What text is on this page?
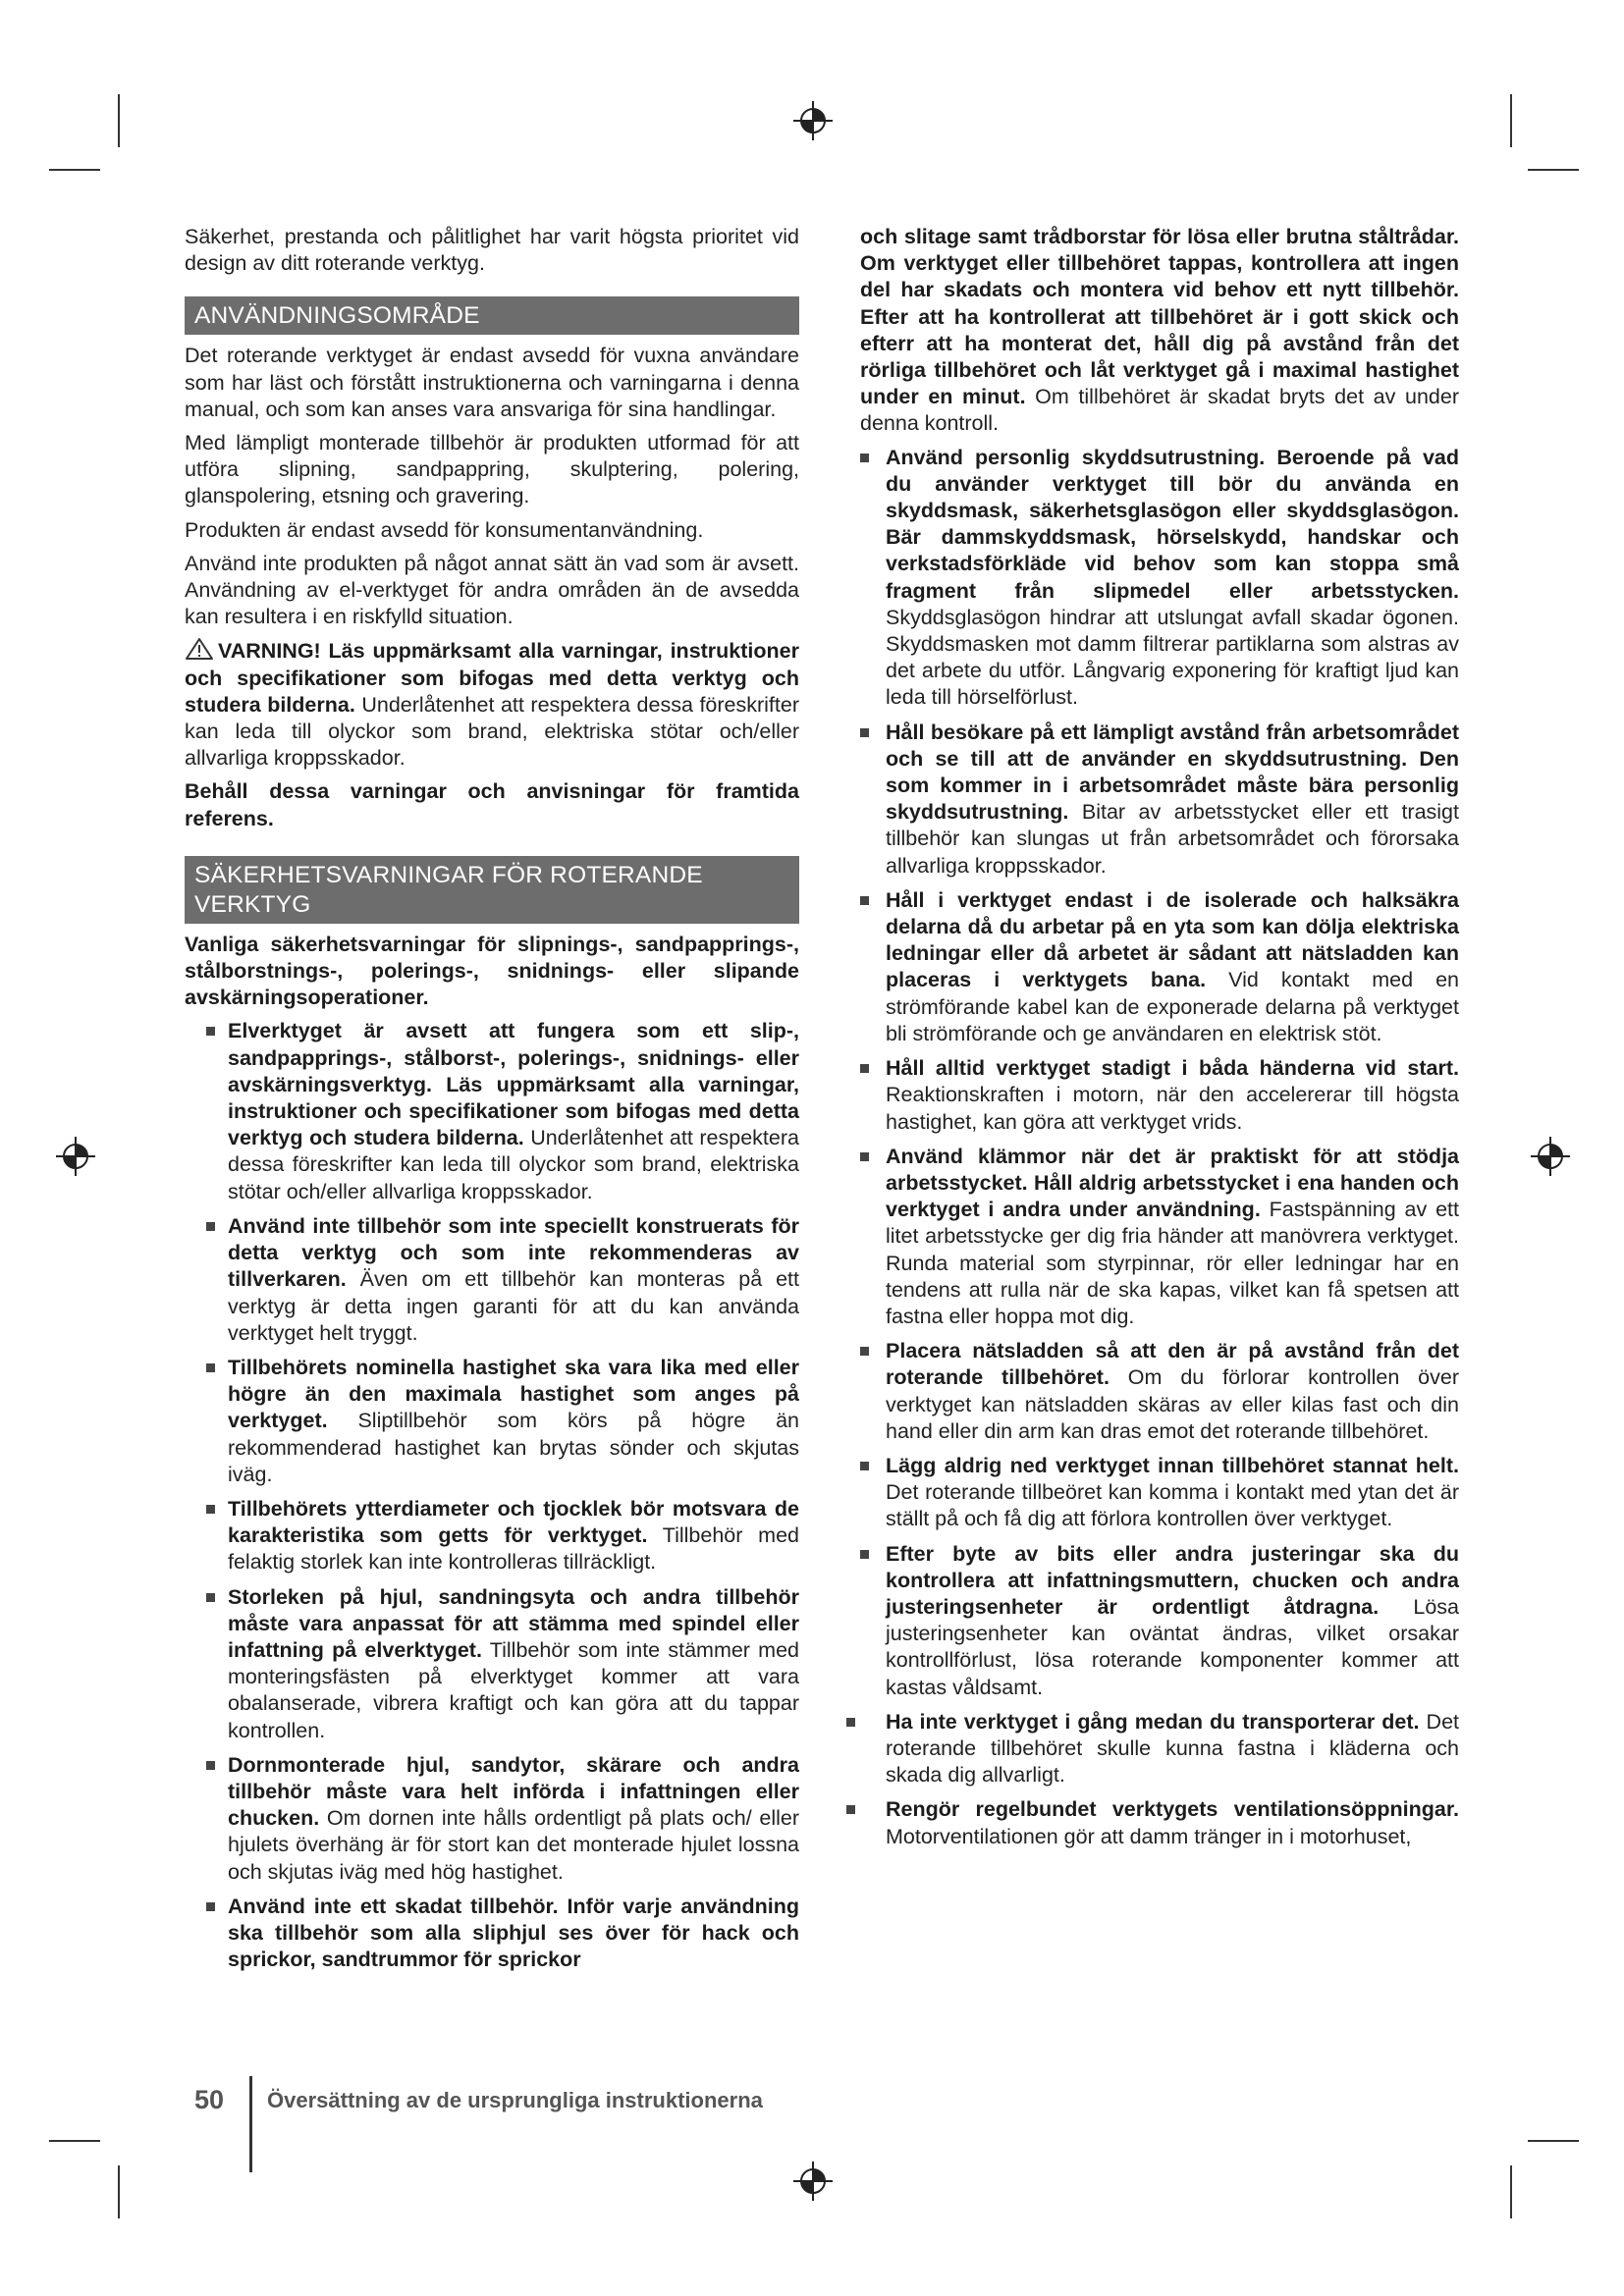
Säkerhet, prestanda och pålitlighet har varit högsta prioritet vid design av ditt roterande verktyg.

ANVÄNDNINGSOMRÅDE

Det roterande verktyget är endast avsedd för vuxna användare som har läst och förstått instruktionerna och varningarna i denna manual, och som kan anses vara ansvariga för sina handlingar.

Med lämpligt monterade tillbehör är produkten utformad för att utföra slipning, sandpappring, skulptering, polering, glanspolering, etsning och gravering.

Produkten är endast avsedd för konsumentanvändning.

Använd inte produkten på något annat sätt än vad som är avsett. Användning av el-verktyget för andra områden än de avsedda kan resultera i en riskfylld situation.

VARNING! Läs uppmärksamt alla varningar, instruktioner och specifikationer som bifogas med detta verktyg och studera bilderna. Underlåtenhet att respektera dessa föreskrifter kan leda till olyckor som brand, elektriska stötar och/eller allvarliga kroppsskador.

Behåll dessa varningar och anvisningar för framtida referens.

SÄKERHETSVARNINGAR FÖR ROTERANDE VERKTYG

Vanliga säkerhetsvarningar för slipnings-, sandpapprings-, stålborstnings-, polerings-, snidnings- eller slipande avskärningsoperationer.

Elverktyget är avsett att fungera som ett slip-, sandpapprings-, stålborst-, polerings-, snidnings- eller avskärningsverktyg. Läs uppmärksamt alla varningar, instruktioner och specifikationer som bifogas med detta verktyg och studera bilderna. Underlåtenhet att respektera dessa föreskrifter kan leda till olyckor som brand, elektriska stötar och/eller allvarliga kroppsskador.
Använd inte tillbehör som inte speciellt konstruerats för detta verktyg och som inte rekommenderas av tillverkaren. Även om ett tillbehör kan monteras på ett verktyg är detta ingen garanti för att du kan använda verktyget helt tryggt.
Tillbehörets nominella hastighet ska vara lika med eller högre än den maximala hastighet som anges på verktyget. Sliptillbehör som körs på högre än rekommenderad hastighet kan brytas sönder och skjutas iväg.
Tillbehörets ytterdiameter och tjocklek bör motsvara de karakteristika som getts för verktyget. Tillbehör med felaktig storlek kan inte kontrolleras tillräckligt.
Storleken på hjul, sandningsyta och andra tillbehör måste vara anpassat för att stämma med spindel eller infattning på elverktyget. Tillbehör som inte stämmer med monteringsfästen på elverktyget kommer att vara obalanserade, vibrera kraftigt och kan göra att du tappar kontrollen.
Dornmonterade hjul, sandytor, skärare och andra tillbehör måste vara helt införda i infattningen eller chucken. Om dornen inte hålls ordentligt på plats och/ eller hjulets överhäng är för stort kan det monterade hjulet lossna och skjutas iväg med hög hastighet.
Använd inte ett skadat tillbehör. Inför varje användning ska tillbehör som alla sliphjul ses över för hack och sprickor, sandtrummor för sprickor

och slitage samt trådborstar för lösa eller brutna ståltrådar. Om verktyget eller tillbehöret tappas, kontrollera att ingen del har skadats och montera vid behov ett nytt tillbehör. Efter att ha kontrollerat att tillbehöret är i gott skick och efterr att ha monterat det, håll dig på avstånd från det rörliga tillbehöret och låt verktyget gå i maximal hastighet under en minut. Om tillbehöret är skadat bryts det av under denna kontroll.

Använd personlig skyddsutrustning. Beroende på vad du använder verktyget till bör du använda en skyddsmask, säkerhetsglasögon eller skyddsglasögon. Bär dammskyddsmask, hörselskydd, handskar och verkstadsförkläde vid behov som kan stoppa små fragment från slipmedel eller arbetsstycken. Skyddsglasögon hindrar att utslungat avfall skadar ögonen. Skyddsmasken mot damm filtrerar partiklarna som alstras av det arbete du utför. Långvarig exponering för kraftigt ljud kan leda till hörselförlust.
Håll besökare på ett lämpligt avstånd från arbetsområdet och se till att de använder en skyddsutrustning. Den som kommer in i arbetsområdet måste bära personlig skyddsutrustning. Bitar av arbetsstycket eller ett trasigt tillbehör kan slungas ut från arbetsområdet och förorsaka allvarliga kroppsskador.
Håll i verktyget endast i de isolerade och halksäkra delarna då du arbetar på en yta som kan dölja elektriska ledningar eller då arbetet är sådant att nätsladden kan placeras i verktygets bana. Vid kontakt med en strömförande kabel kan de exponerade delarna på verktyget bli strömförande och ge användaren en elektrisk stöt.
Håll alltid verktyget stadigt i båda händerna vid start. Reaktionskraften i motorn, när den accelererar till högsta hastighet, kan göra att verktyget vrids.
Använd klämmor när det är praktiskt för att stödja arbetsstycket. Håll aldrig arbetsstycket i ena handen och verktyget i andra under användning. Fastspänning av ett litet arbetsstycke ger dig fria händer att manövrera verktyget. Runda material som styrpinnar, rör eller ledningar har en tendens att rulla när de ska kapas, vilket kan få spetsen att fastna eller hoppa mot dig.
Placera nätsladden så att den är på avstånd från det roterande tillbehöret. Om du förlorar kontrollen över verktyget kan nätsladden skäras av eller kilas fast och din hand eller din arm kan dras emot det roterande tillbehöret.
Lägg aldrig ned verktyget innan tillbehöret stannat helt. Det roterande tillbeöret kan komma i kontakt med ytan det är ställt på och få dig att förlora kontrollen över verktyget.
Efter byte av bits eller andra justeringar ska du kontrollera att infattningsmuttern, chucken och andra justeringsenheter är ordentligt åtdragna. Lösa justeringsenheter kan oväntat ändras, vilket orsakar kontrollförlust, lösa roterande komponenter kommer att kastas våldsamt.
Ha inte verktyget i gång medan du transporterar det. Det roterande tillbehöret skulle kunna fastna i kläderna och skada dig allvarligt.
Rengör regelbundet verktygets ventilationsöppningar. Motorventilationen gör att damm tränger in i motorhuset,
50 Översättning av de ursprungliga instruktionerna
